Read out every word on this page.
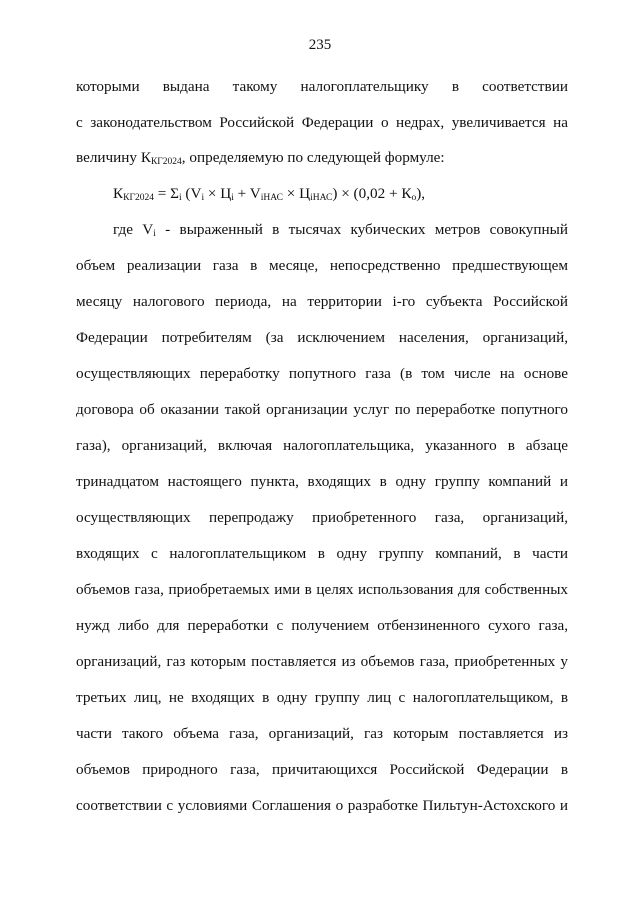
235
которыми выдана такому налогоплательщику в соответствии
с законодательством Российской Федерации о недрах, увеличивается на
величину $К_{КГ2024}$, определяемую по следующей формуле:
$К_{КГ2024} = \Sigma_i$ $(V_i \times Ц_i + V_{iНАС} \times Ц_{iНАС}) \times (0,02 + К_о)$,
где $V_i$ - выраженный в тысячах кубических метров совокупный
объем реализации газа в месяце, непосредственно предшествующем
месяцу налогового периода, на территории i-го субъекта Российской
Федерации потребителям (за исключением населения, организаций,
осуществляющих переработку попутного газа (в том числе на основе
договора об оказании такой организации услуг по переработке попутного
газа), организаций, включая налогоплательщика, указанного в абзаце
тринадцатом настоящего пункта, входящих в одну группу компаний и
осуществляющих перепродажу приобретенного газа, организаций,
входящих с налогоплательщиком в одну группу компаний, в части
объемов газа, приобретаемых ими в целях использования для собственных
нужд либо для переработки с получением отбензиненного сухого газа,
организаций, газ которым поставляется из объемов газа, приобретенных у
третьих лиц, не входящих в одну группу лиц с налогоплательщиком, в
части такого объема газа, организаций, газ которым поставляется из
объемов природного газа, причитающихся Российской Федерации в
соответствии с условиями Соглашения о разработке Пильтун-Астохского и
